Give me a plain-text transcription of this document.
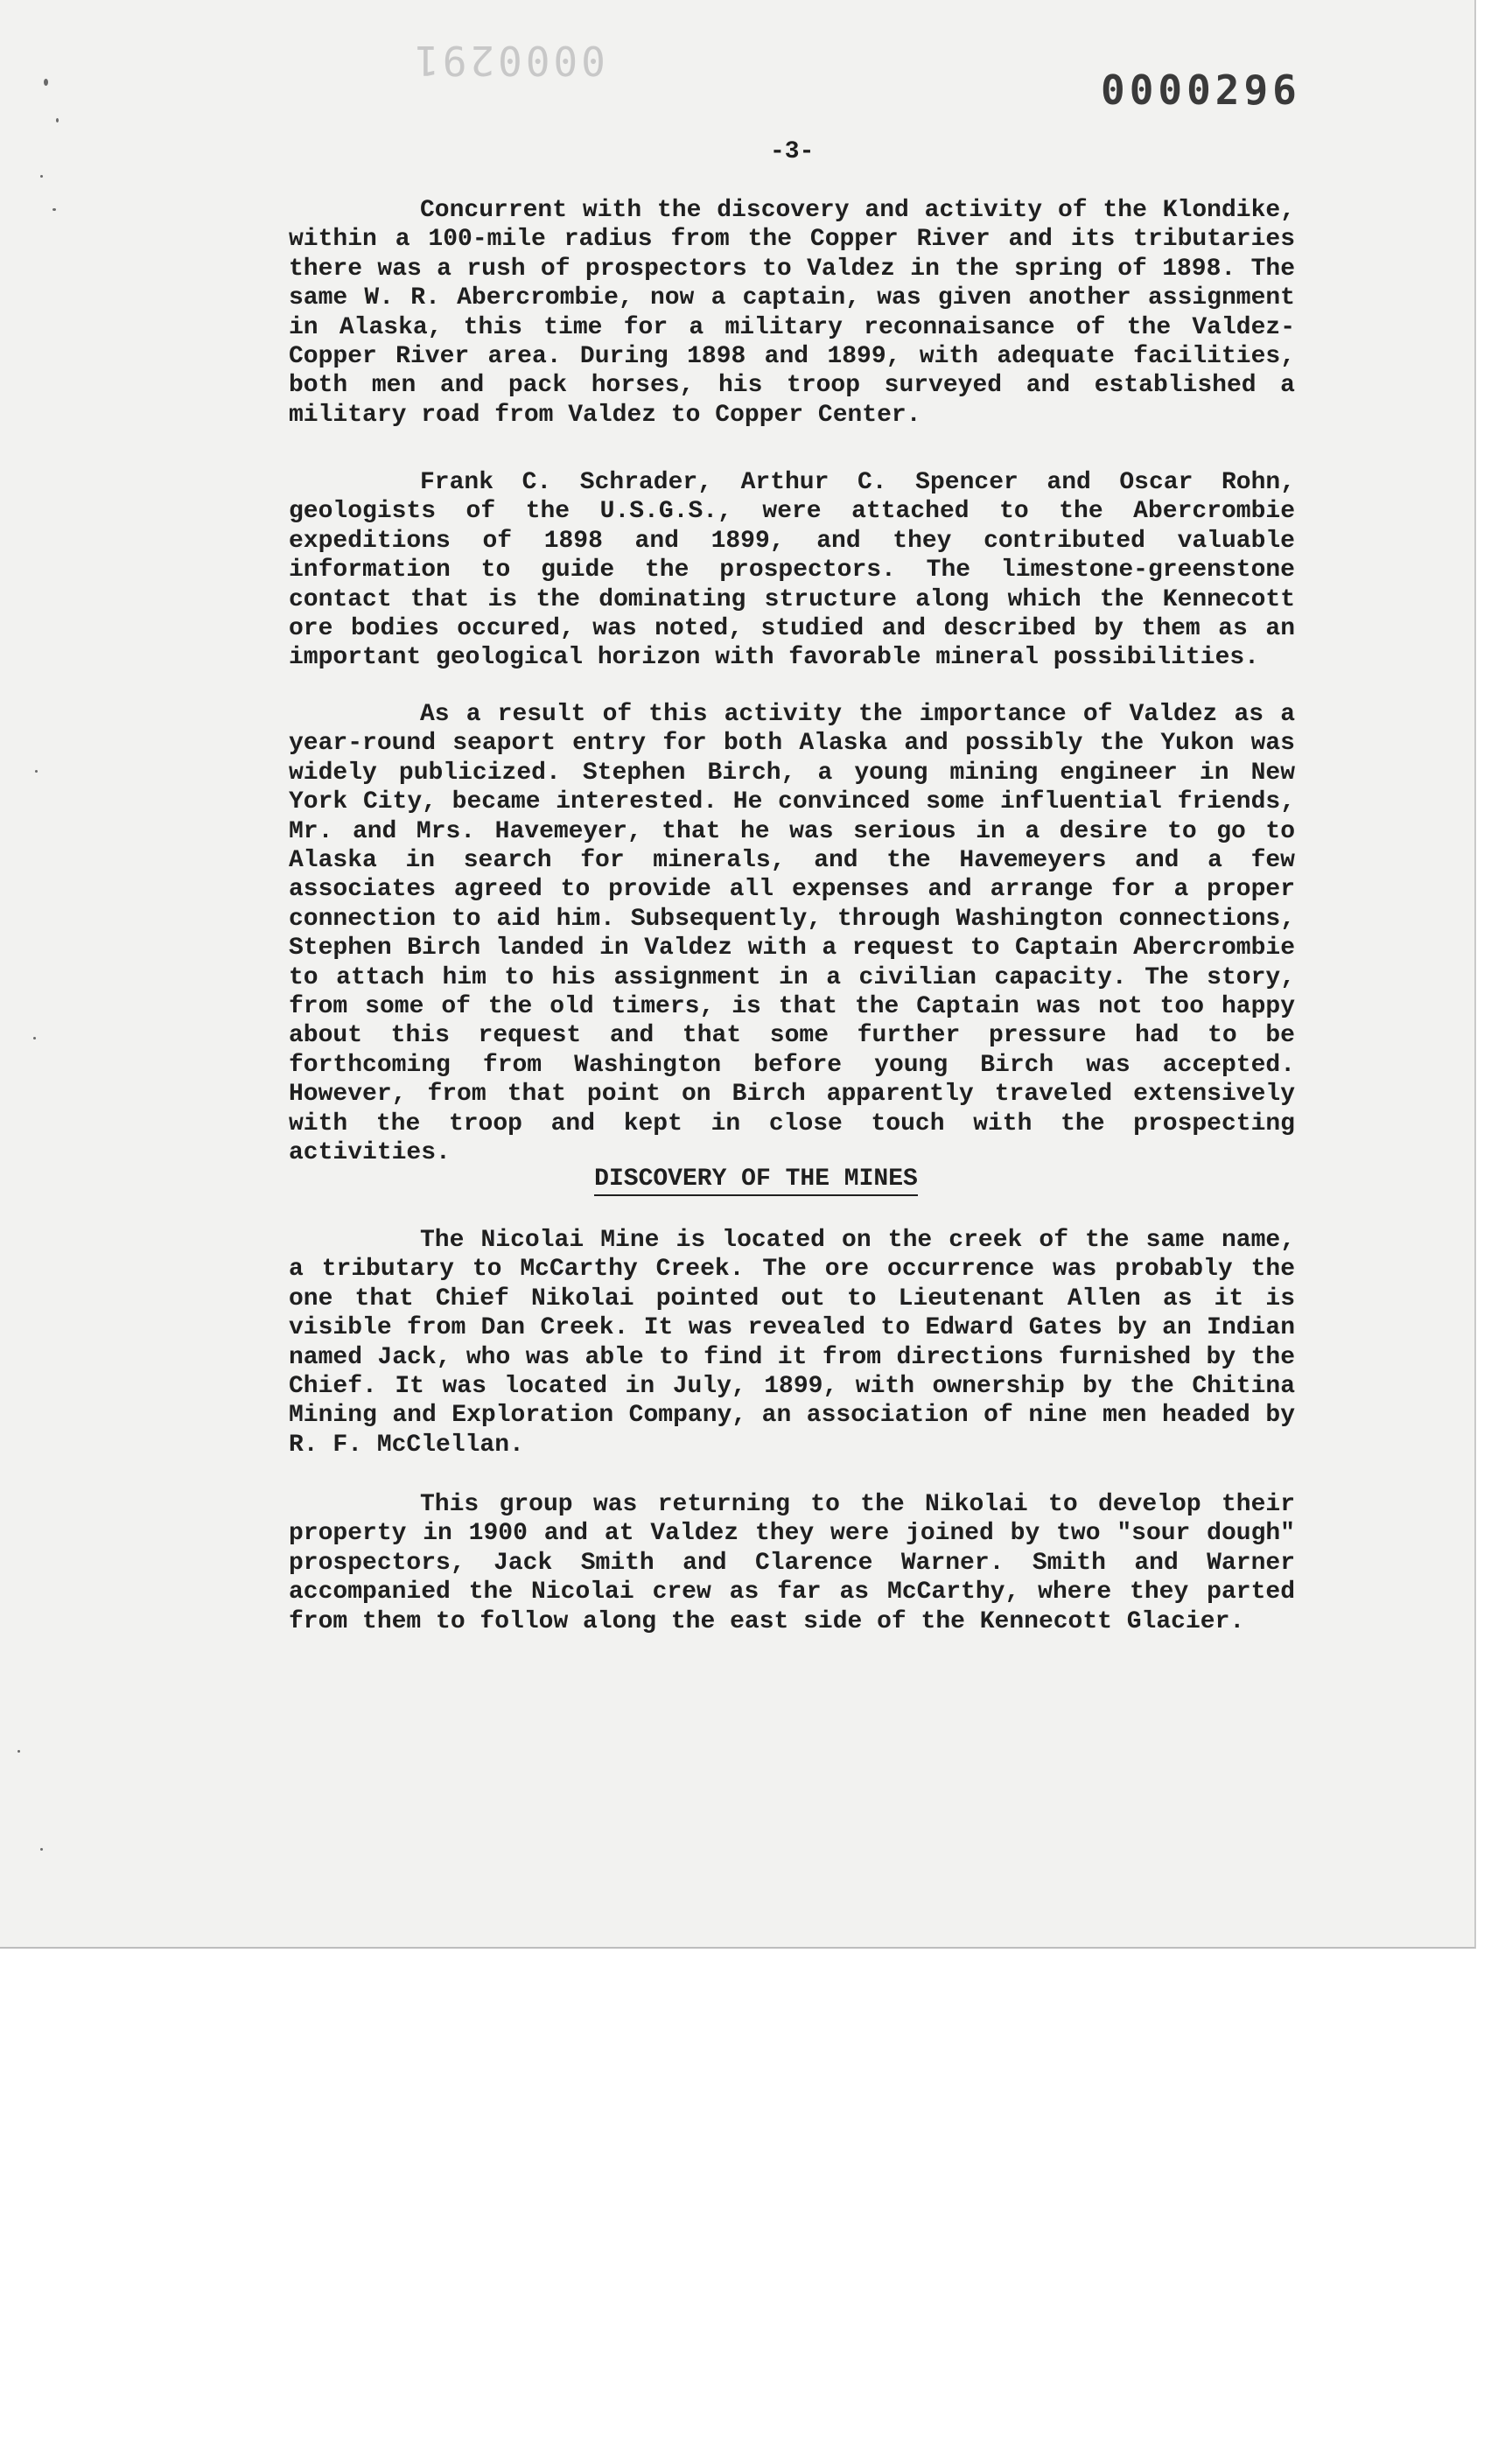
0000291
0000296
-3-

Concurrent with the discovery and activity of the Klondike, within a 100-mile radius from the Copper River and its tributaries there was a rush of prospectors to Valdez in the spring of 1898. The same W. R. Abercrombie, now a captain, was given another assignment in Alaska, this time for a military reconnaisance of the Valdez-Copper River area. During 1898 and 1899, with adequate facilities, both men and pack horses, his troop surveyed and established a military road from Valdez to Copper Center.

Frank C. Schrader, Arthur C. Spencer and Oscar Rohn, geologists of the U.S.G.S., were attached to the Abercrombie expeditions of 1898 and 1899, and they contributed valuable information to guide the prospectors. The limestone-greenstone contact that is the dominating structure along which the Kennecott ore bodies occured, was noted, studied and described by them as an important geological horizon with favorable mineral possibilities.

As a result of this activity the importance of Valdez as a year-round seaport entry for both Alaska and possibly the Yukon was widely publicized. Stephen Birch, a young mining engineer in New York City, became interested. He convinced some influential friends, Mr. and Mrs. Havemeyer, that he was serious in a desire to go to Alaska in search for minerals, and the Havemeyers and a few associates agreed to provide all expenses and arrange for a proper connection to aid him. Subsequently, through Washington connections, Stephen Birch landed in Valdez with a request to Captain Abercrombie to attach him to his assignment in a civilian capacity. The story, from some of the old timers, is that the Captain was not too happy about this request and that some further pressure had to be forthcoming from Washington before young Birch was accepted. However, from that point on Birch apparently traveled extensively with the troop and kept in close touch with the prospecting activities.

DISCOVERY OF THE MINES

The Nicolai Mine is located on the creek of the same name, a tributary to McCarthy Creek. The ore occurrence was probably the one that Chief Nikolai pointed out to Lieutenant Allen as it is visible from Dan Creek. It was revealed to Edward Gates by an Indian named Jack, who was able to find it from directions furnished by the Chief. It was located in July, 1899, with ownership by the Chitina Mining and Exploration Company, an association of nine men headed by R. F. McClellan.

This group was returning to the Nikolai to develop their property in 1900 and at Valdez they were joined by two "sour dough" prospectors, Jack Smith and Clarence Warner. Smith and Warner accompanied the Nicolai crew as far as McCarthy, where they parted from them to follow along the east side of the Kennecott Glacier.
